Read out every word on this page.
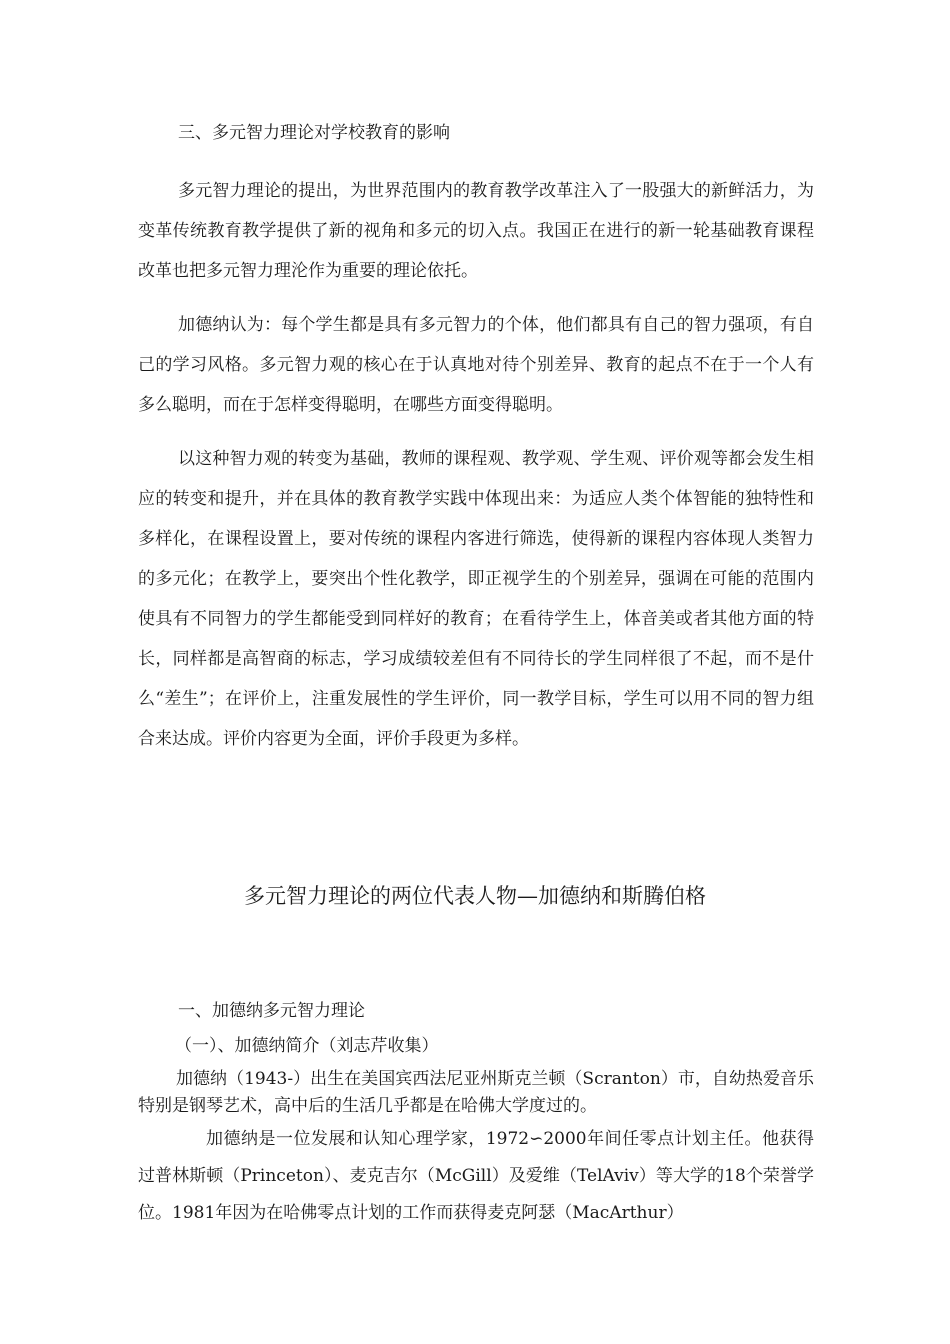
三、多元智力理论对学校教育的影响

多元智力理论的提出，为世界范围内的教育教学改革注入了一股强大的新鲜活力，为变革传统教育教学提供了新的视角和多元的切入点。我国正在进行的新一轮基础教育课程改革也把多元智力理沦作为重要的理论依托。

加德纳认为：每个学生都是具有多元智力的个体，他们都具有自己的智力强项，有自己的学习风格。多元智力观的核心在于认真地对待个别差异、教育的起点不在于一个人有多么聪明，而在于怎样变得聪明，在哪些方面变得聪明。

以这种智力观的转变为基础，教师的课程观、教学观、学生观、评价观等都会发生相应的转变和提升，并在具体的教育教学实践中体现出来：为适应人类个体智能的独特性和多样化，在课程设置上，要对传统的课程内客进行筛选，使得新的课程内容体现人类智力的多元化；在教学上，要突出个性化教学，即正视学生的个别差异，强调在可能的范围内使具有不同智力的学生都能受到同样好的教育；在看待学生上，体音美或者其他方面的特长，同样都是高智商的标志，学习成绩较差但有不同待长的学生同样很了不起，而不是什么“差生”；在评价上，注重发展性的学生评价，同一教学目标，学生可以用不同的智力组合来达成。评价内容更为全面，评价手段更为多样。

多元智力理论的两位代表人物—加德纳和斯腾伯格
一、加德纳多元智力理论
（一）、加德纳简介（刘志芹收集）

加德纳（1943-）出生在美国宾西法尼亚州斯克兰顿（Scranton）市，自幼热爱音乐特别是钢琴艺术，高中后的生活几乎都是在哈佛大学度过的。

加德纳是一位发展和认知心理学家，1972∽2000年间任零点计划主任。他获得过普林斯顿（Princeton）、麦克吉尔（McGill）及爱维（TelAviv）等大学的18个荣誉学位。1981年因为在哈佛零点计划的工作而获得麦克阿瑟（MacArthur）
